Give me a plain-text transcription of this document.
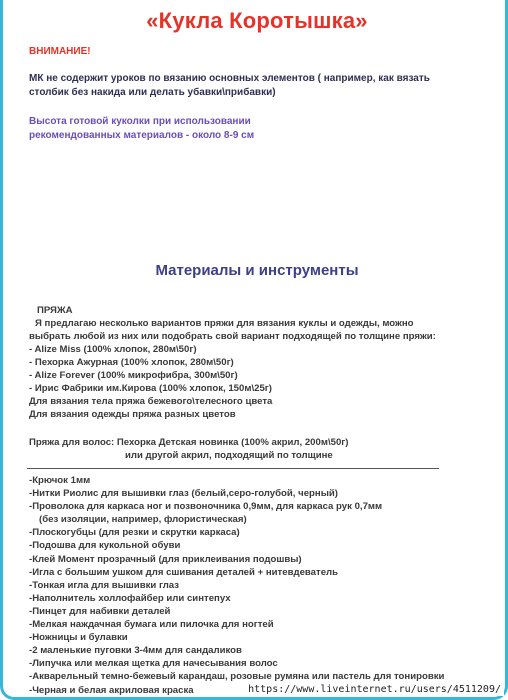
«Кукла Коротышка»
ВНИМАНИЕ!
МК не содержит уроков по вязанию основных элементов ( например, как вязать
столбик без накида или делать убавки\прибавки)
Высота готовой куколки при использовании
рекомендованных материалов - около 8-9 см
Материалы и инструменты
ПРЯЖА
Я предлагаю несколько вариантов пряжи для вязания куклы и одежды, можно
выбрать любой из них или подобрать свой вариант подходящей по толщине пряжи:
- Alize Miss (100% хлопок, 280м\50г)
- Пехорка Ажурная (100% хлопок, 280м\50г)
- Alize Forever (100% микрофибра, 300м\50г)
- Ирис Фабрики им.Кирова (100% хлопок, 150м\25г)
Для вязания тела пряжа бежевого\телесного цвета
Для вязания одежды пряжа разных цветов
Пряжа для волос: Пехорка Детская новинка (100% акрил, 200м\50г)
или другой акрил, подходящий по толщине
-Крючок 1мм
-Нитки Риолис для вышивки глаз (белый,серо-голубой, черный)
-Проволока для каркаса ног и позвоночника 0,9мм, для каркаса рук 0,7мм
(без изоляции, например, флористическая)
-Плоскогубцы (для резки и скрутки каркаса)
-Подошва для кукольной обуви
-Клей Момент прозрачный (для приклеивания подошвы)
-Игла с большим ушком для сшивания деталей + нитевдеватель
-Тонкая игла для вышивки глаз
-Наполнитель холлофайбер или синтепух
-Пинцет для набивки деталей
-Мелкая наждачная бумага или пилочка для ногтей
-Ножницы и булавки
-2 маленькие пуговки 3-4мм для сандаликов
-Липучка или мелкая щетка для начесывания волос
-Акварельный темно-бежевый карандаш, розовые румяна или пастель для тонировки
-Черная и белая акриловая краска	https://www.liveinternet.ru/users/4511209/
